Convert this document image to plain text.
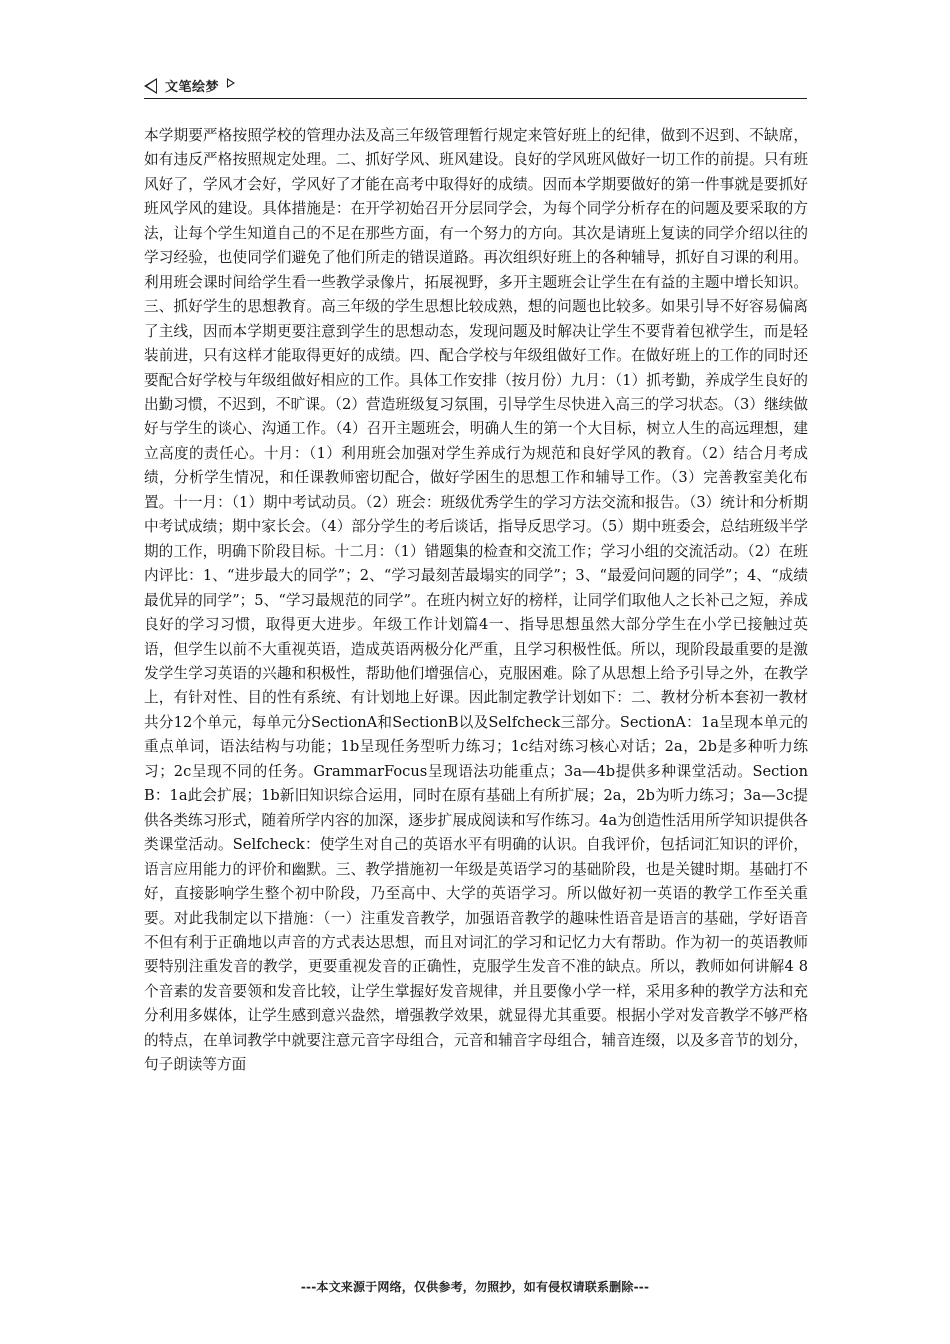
文笔绘梦

本学期要严格按照学校的管理办法及高三年级管理暂行规定来管好班上的纪律，做到不迟到、不缺席，如有违反严格按照规定处理。二、抓好学风、班风建设。良好的学风班风做好一切工作的前提。只有班风好了，学风才会好，学风好了才能在高考中取得好的成绩。因而本学期要做好的第一件事就是要抓好班风学风的建设。具体措施是：在开学初始召开分层同学会，为每个同学分析存在的问题及要采取的方法，让每个学生知道自己的不足在那些方面，有一个努力的方向。其次是请班上复读的同学介绍以往的学习经验，也使同学们避免了他们所走的错误道路。再次组织好班上的各种辅导，抓好自习课的利用。利用班会课时间给学生看一些教学录像片，拓展视野，多开主题班会让学生在有益的主题中增长知识。三、抓好学生的思想教育。高三年级的学生思想比较成熟，想的问题也比较多。如果引导不好容易偏离了主线，因而本学期更要注意到学生的思想动态，发现问题及时解决让学生不要背着包袱学生，而是轻装前进，只有这样才能取得更好的成绩。四、配合学校与年级组做好工作。在做好班上的工作的同时还要配合好学校与年级组做好相应的工作。具体工作安排（按月份）九月：（1）抓考勤，养成学生良好的出勤习惯，不迟到，不旷课。（2）营造班级复习氛围，引导学生尽快进入高三的学习状态。（3）继续做好与学生的谈心、沟通工作。（4）召开主题班会，明确人生的第一个大目标，树立人生的高远理想，建立高度的责任心。十月：（1）利用班会加强对学生养成行为规范和良好学风的教育。（2）结合月考成绩，分析学生情况，和任课教师密切配合，做好学困生的思想工作和辅导工作。（3）完善教室美化布置。十一月：（1）期中考试动员。（2）班会：班级优秀学生的学习方法交流和报告。（3）统计和分析期中考试成绩；期中家长会。（4）部分学生的考后谈话，指导反思学习。（5）期中班委会，总结班级半学期的工作，明确下阶段目标。十二月：（1）错题集的检查和交流工作；学习小组的交流活动。（2）在班内评比：1、“进步最大的同学”；2、“学习最刻苦最塌实的同学”；3、“最爱问问题的同学”；4、“成绩最优异的同学”；5、“学习最规范的同学”。在班内树立好的榜样，让同学们取他人之长补己之短，养成良好的学习习惯，取得更大进步。年级工作计划篇4一、指导思想虽然大部分学生在小学已接触过英语，但学生以前不大重视英语，造成英语两极分化严重，且学习积极性低。所以，现阶段最重要的是激发学生学习英语的兴趣和积极性，帮助他们增强信心，克服困难。除了从思想上给予引导之外，在教学上，有针对性、目的性有系统、有计划地上好课。因此制定教学计划如下：二、教材分析本套初一教材共分12个单元，每单元分SectionA和SectionB以及Selfcheck三部分。SectionA：1a呈现本单元的重点单词，语法结构与功能；1b呈现任务型听力练习；1c结对练习核心对话；2a，2b是多种听力练习；2c呈现不同的任务。GrammarFocus呈现语法功能重点；3a—4b提供多种课堂活动。SectionB：1a此会扩展；1b新旧知识综合运用，同时在原有基础上有所扩展；2a，2b为听力练习；3a—3c提供各类练习形式，随着所学内容的加深，逐步扩展成阅读和写作练习。4a为创造性活用所学知识提供各类课堂活动。Selfcheck：使学生对自己的英语水平有明确的认识。自我评价，包括词汇知识的评价，语言应用能力的评价和幽默。三、教学措施初一年级是英语学习的基础阶段，也是关键时期。基础打不好，直接影响学生整个初中阶段，乃至高中、大学的英语学习。所以做好初一英语的教学工作至关重要。对此我制定以下措施：（一）注重发音教学，加强语音教学的趣味性语音是语言的基础，学好语音不但有利于正确地以声音的方式表达思想，而且对词汇的学习和记忆力大有帮助。作为初一的英语教师要特别注重发音的教学，更要重视发音的正确性，克服学生发音不准的缺点。所以，教师如何讲解4 8个音素的发音要领和发音比较，让学生掌握好发音规律，并且要像小学一样，采用多种的教学方法和充分利用多媒体，让学生感到意兴盎然，增强教学效果，就显得尤其重要。根据小学对发音教学不够严格的特点，在单词教学中就要注意元音字母组合，元音和辅音字母组合，辅音连缀，以及多音节的划分，句子朗读等方面

---本文来源于网络，仅供参考，勿照抄，如有侵权请联系删除---
